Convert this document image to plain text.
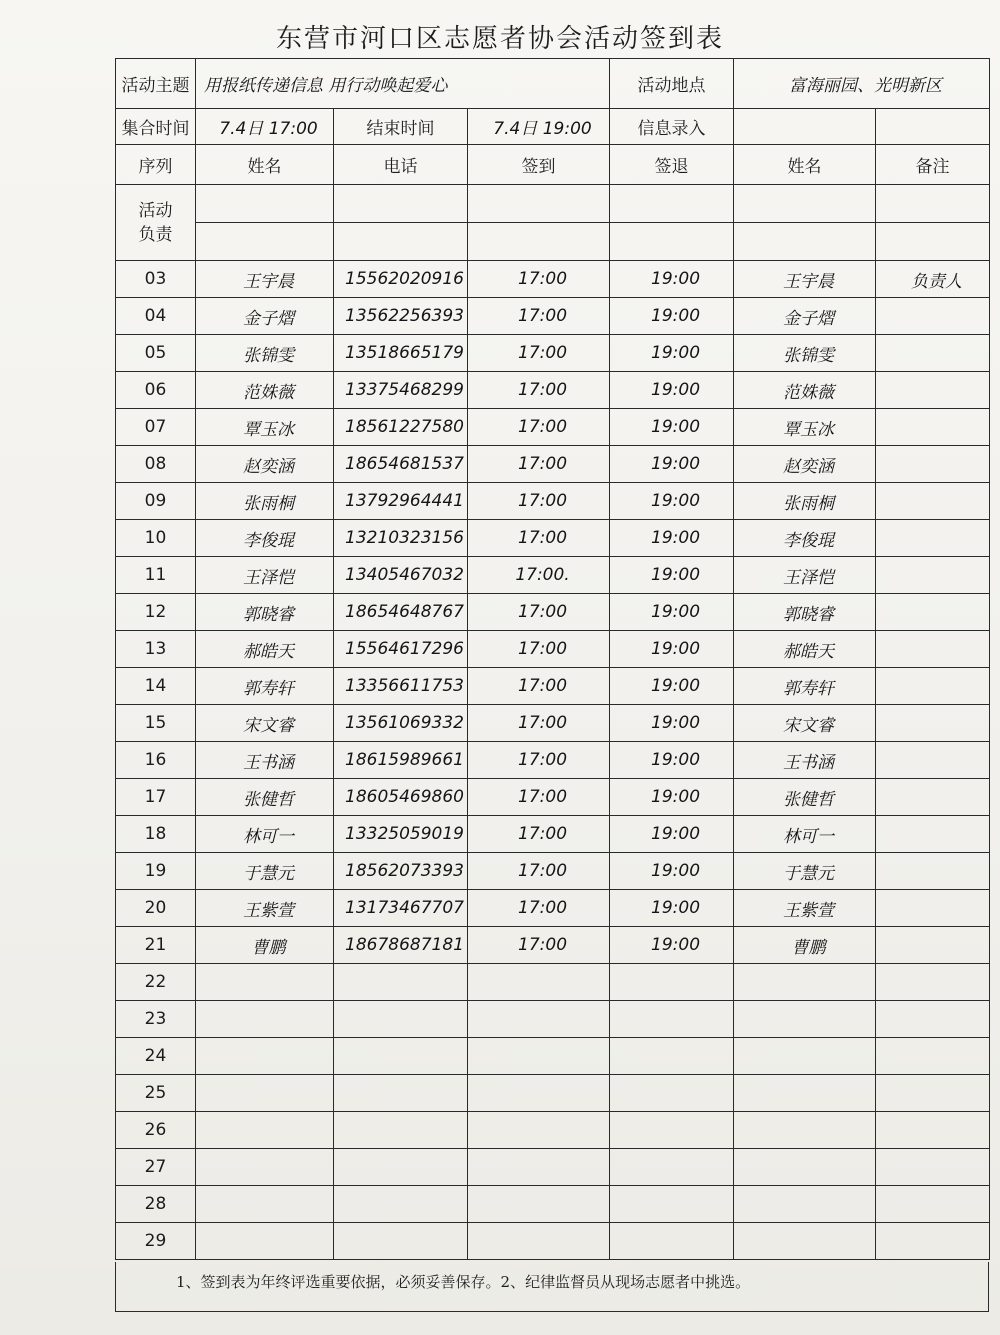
东营市河口区志愿者协会活动签到表
活动主题	用报纸传递信息 用行动唤起爱心			活动地点	富海丽园、光明新区	
集合时间	7.4日 17:00	结束时间	7.4日 19:00	信息录入		
序列	姓名	电话	签到	签退	姓名	备注
活动负责						

03	王宇晨	15562020916	17:00	19:00	王宇晨	负责人
04	金子熠	13562256393	17:00	19:00	金子熠	
05	张锦雯	13518665179	17:00	19:00	张锦雯	
06	范姝薇	13375468299	17:00	19:00	范姝薇	
07	覃玉冰	18561227580	17:00	19:00	覃玉冰	
08	赵奕涵	18654681537	17:00	19:00	赵奕涵	
09	张雨桐	13792964441	17:00	19:00	张雨桐	
10	李俊琨	13210323156	17:00	19:00	李俊琨	
11	王泽恺	13405467032	17:00.	19:00	王泽恺	
12	郭晓睿	18654648767	17:00	19:00	郭晓睿	
13	郝皓天	15564617296	17:00	19:00	郝皓天	
14	郭寿轩	13356611753	17:00	19:00	郭寿轩	
15	宋文睿	13561069332	17:00	19:00	宋文睿	
16	王书涵	18615989661	17:00	19:00	王书涵	
17	张健哲	18605469860	17:00	19:00	张健哲	
18	林可一	13325059019	17:00	19:00	林可一	
19	于慧元	18562073393	17:00	19:00	于慧元	
20	王紫萱	13173467707	17:00	19:00	王紫萱	
21	曹鹏	18678687181	17:00	19:00	曹鹏	
22						
23						
24						
25						
26						
27						
28						
29						
1、签到表为年终评选重要依据，必须妥善保存。2、纪律监督员从现场志愿者中挑选。
